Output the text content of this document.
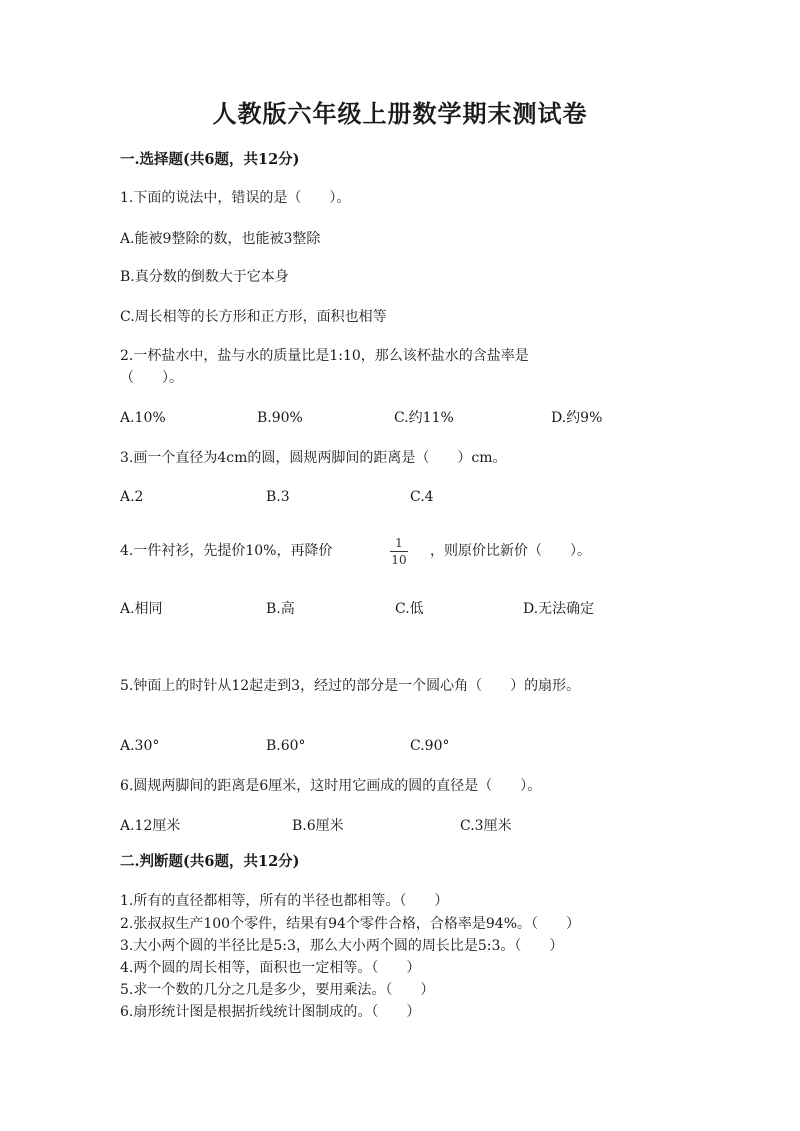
人教版六年级上册数学期末测试卷
一.选择题(共6题，共12分)
1.下面的说法中，错误的是（　　）。
A.能被9整除的数，也能被3整除
B.真分数的倒数大于它本身
C.周长相等的长方形和正方形，面积也相等
2.一杯盐水中，盐与水的质量比是1:10，那么该杯盐水的含盐率是
（　　）。
A.10%	B.90%	C.约11%	D.约9%
3.画一个直径为4cm的圆，圆规两脚间的距离是（　　）cm。
A.2	B.3	C.4
4.一件衬衫，先提价10%，再降价	1
10
，则原价比新价（　　）。
A.相同	B.高	C.低	D.无法确定
5.钟面上的时针从12起走到3，经过的部分是一个圆心角（　　）的扇形。
A.30°	B.60°	C.90°
6.圆规两脚间的距离是6厘米，这时用它画成的圆的直径是（　　）。
A.12厘米	B.6厘米	C.3厘米
二.判断题(共6题，共12分)
1.所有的直径都相等，所有的半径也都相等。（　　）
2.张叔叔生产100个零件，结果有94个零件合格，合格率是94%。（　　）
3.大小两个圆的半径比是5:3，那么大小两个圆的周长比是5:3。（　　）
4.两个圆的周长相等，面积也一定相等。（　　）
5.求一个数的几分之几是多少，要用乘法。（　　）
6.扇形统计图是根据折线统计图制成的。（　　）
